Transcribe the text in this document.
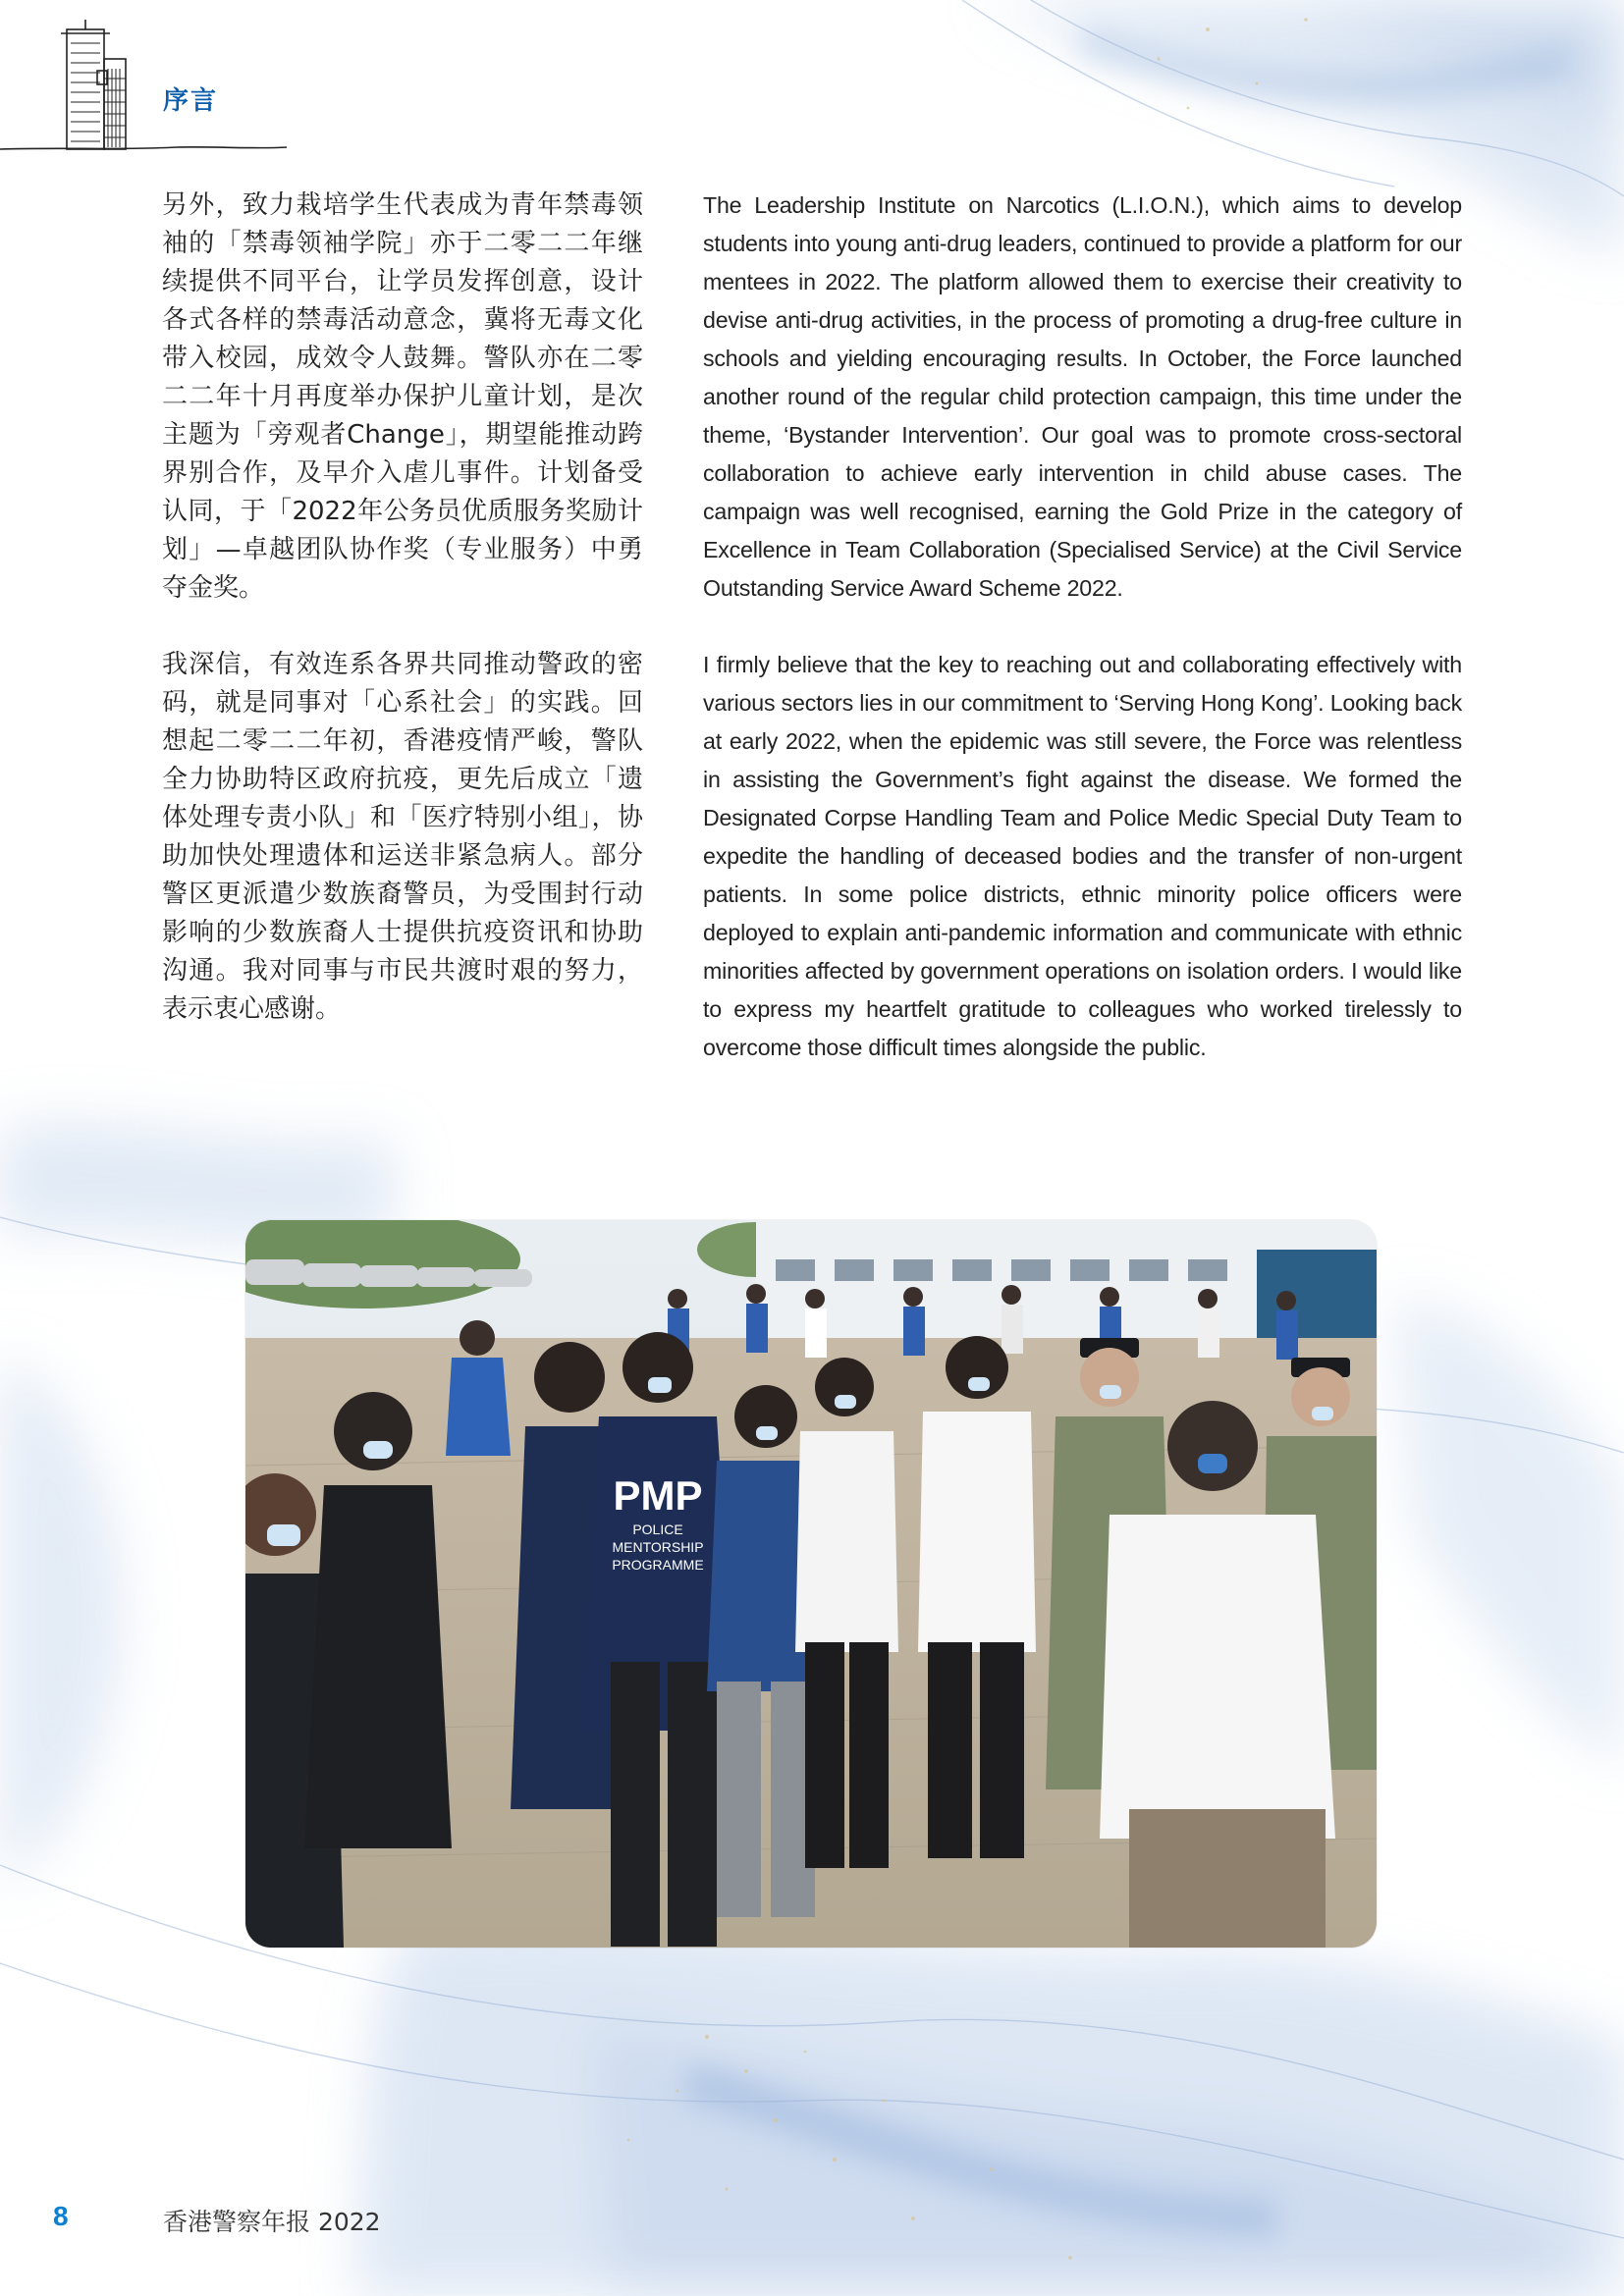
序言

另外，致力栽培学生代表成为青年禁毒领袖的「禁毒领袖学院」亦于二零二二年继续提供不同平台，让学员发挥创意，设计各式各样的禁毒活动意念，冀将无毒文化带入校园，成效令人鼓舞。警队亦在二零二二年十月再度举办保护儿童计划，是次主题为「旁观者Change」，期望能推动跨界别合作，及早介入虐儿事件。计划备受认同，于「2022年公务员优质服务奖励计划」—卓越团队协作奖（专业服务）中勇夺金奖。

我深信，有效连系各界共同推动警政的密码，就是同事对「心系社会」的实践。回想起二零二二年初，香港疫情严峻，警队全力协助特区政府抗疫，更先后成立「遗体处理专责小队」和「医疗特别小组」，协助加快处理遗体和运送非紧急病人。部分警区更派遣少数族裔警员，为受围封行动影响的少数族裔人士提供抗疫资讯和协助沟通。我对同事与市民共渡时艰的努力，表示衷心感谢。

The Leadership Institute on Narcotics (L.I.O.N.), which aims to develop students into young anti-drug leaders, continued to provide a platform for our mentees in 2022. The platform allowed them to exercise their creativity to devise anti-drug activities, in the process of promoting a drug-free culture in schools and yielding encouraging results. In October, the Force launched another round of the regular child protection campaign, this time under the theme, ‘Bystander Intervention’. Our goal was to promote cross-sectoral collaboration to achieve early intervention in child abuse cases. The campaign was well recognised, earning the Gold Prize in the category of Excellence in Team Collaboration (Specialised Service) at the Civil Service Outstanding Service Award Scheme 2022.

I firmly believe that the key to reaching out and collaborating effectively with various sectors lies in our commitment to ‘Serving Hong Kong’. Looking back at early 2022, when the epidemic was still severe, the Force was relentless in assisting the Government’s fight against the disease. We formed the Designated Corpse Handling Team and Police Medic Special Duty Team to expedite the handling of deceased bodies and the transfer of non-urgent patients. In some police districts, ethnic minority police officers were deployed to explain anti-pandemic information and communicate with ethnic minorities affected by government operations on isolation orders. I would like to express my heartfelt gratitude to colleagues who worked tirelessly to overcome those difficult times alongside the public.

PMP
POLICE
MENTORSHIP
PROGRAMME
8	香港警察年报 2022
